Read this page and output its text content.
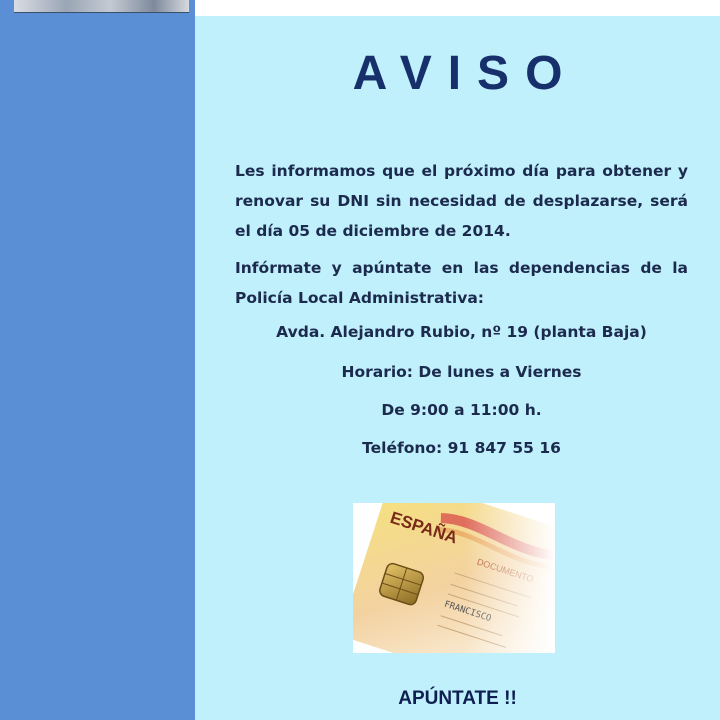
AVISO

Les informamos que el próximo día para obtener y renovar su DNI sin necesidad de desplazarse, será el día 05 de diciembre de 2014.

Infórmate y apúntate en las dependencias de la Policía Local Administrativa:

Avda. Alejandro Rubio, nº 19 (planta Baja)

Horario: De lunes a Viernes

De 9:00 a 11:00 h.

Teléfono: 91 847 55 16

APÚNTATE !!
